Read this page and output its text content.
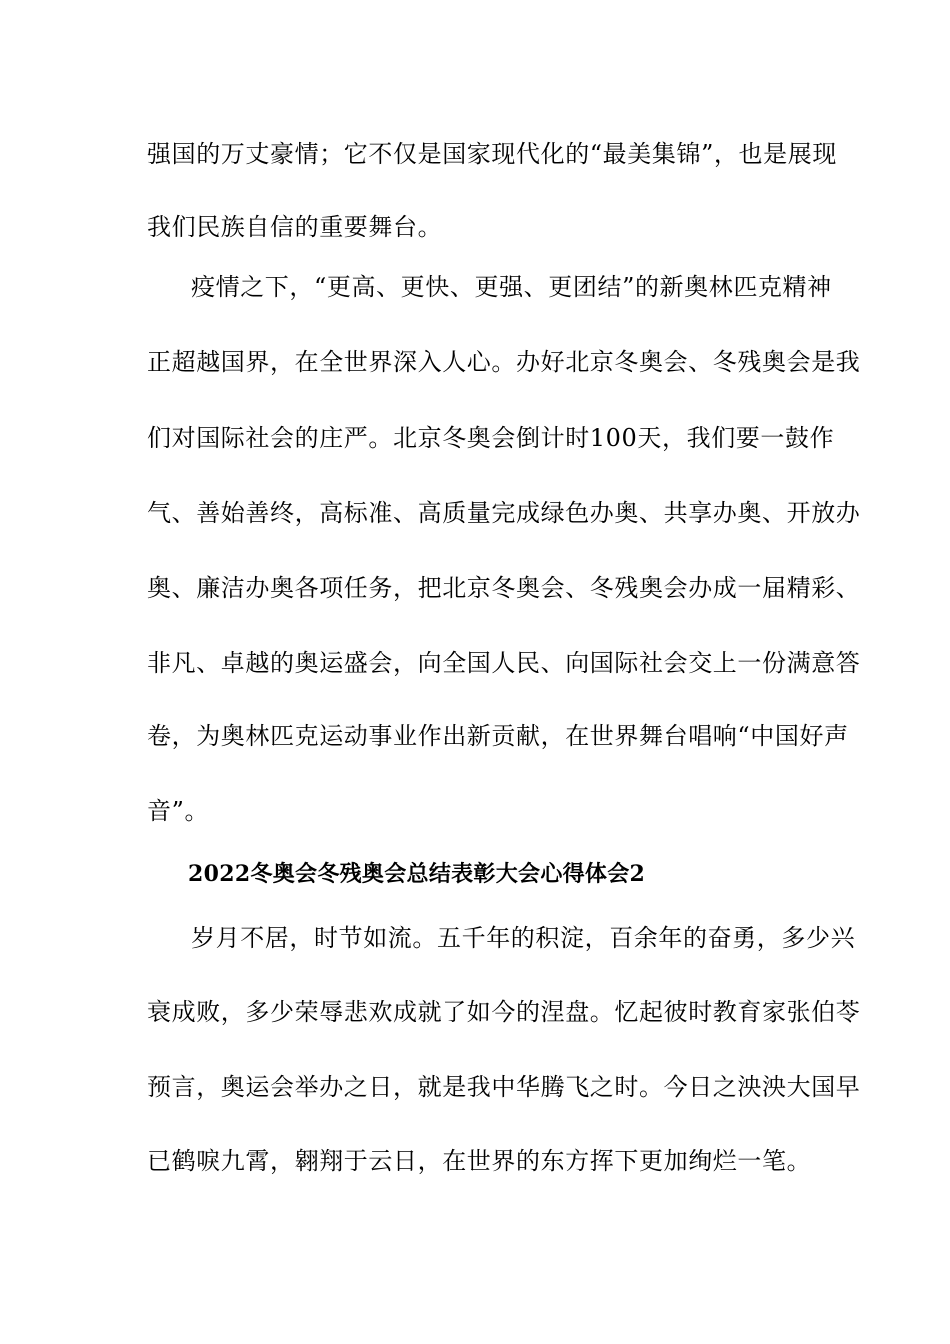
强国的万丈豪情；它不仅是国家现代化的“最美集锦”，也是展现
我们民族自信的重要舞台。
疫情之下，“更高、更快、更强、更团结”的新奥林匹克精神
正超越国界，在全世界深入人心。办好北京冬奥会、冬残奥会是我
们对国际社会的庄严。北京冬奥会倒计时100天，我们要一鼓作
气、善始善终，高标准、高质量完成绿色办奥、共享办奥、开放办
奥、廉洁办奥各项任务，把北京冬奥会、冬残奥会办成一届精彩、
非凡、卓越的奥运盛会，向全国人民、向国际社会交上一份满意答
卷，为奥林匹克运动事业作出新贡献，在世界舞台唱响“中国好声
音”。
2022冬奥会冬残奥会总结表彰大会心得体会2
岁月不居，时节如流。五千年的积淀，百余年的奋勇，多少兴
衰成败，多少荣辱悲欢成就了如今的涅盘。忆起彼时教育家张伯苓
预言，奥运会举办之日，就是我中华腾飞之时。今日之泱泱大国早
已鹤唳九霄，翱翔于云日，在世界的东方挥下更加绚烂一笔。
